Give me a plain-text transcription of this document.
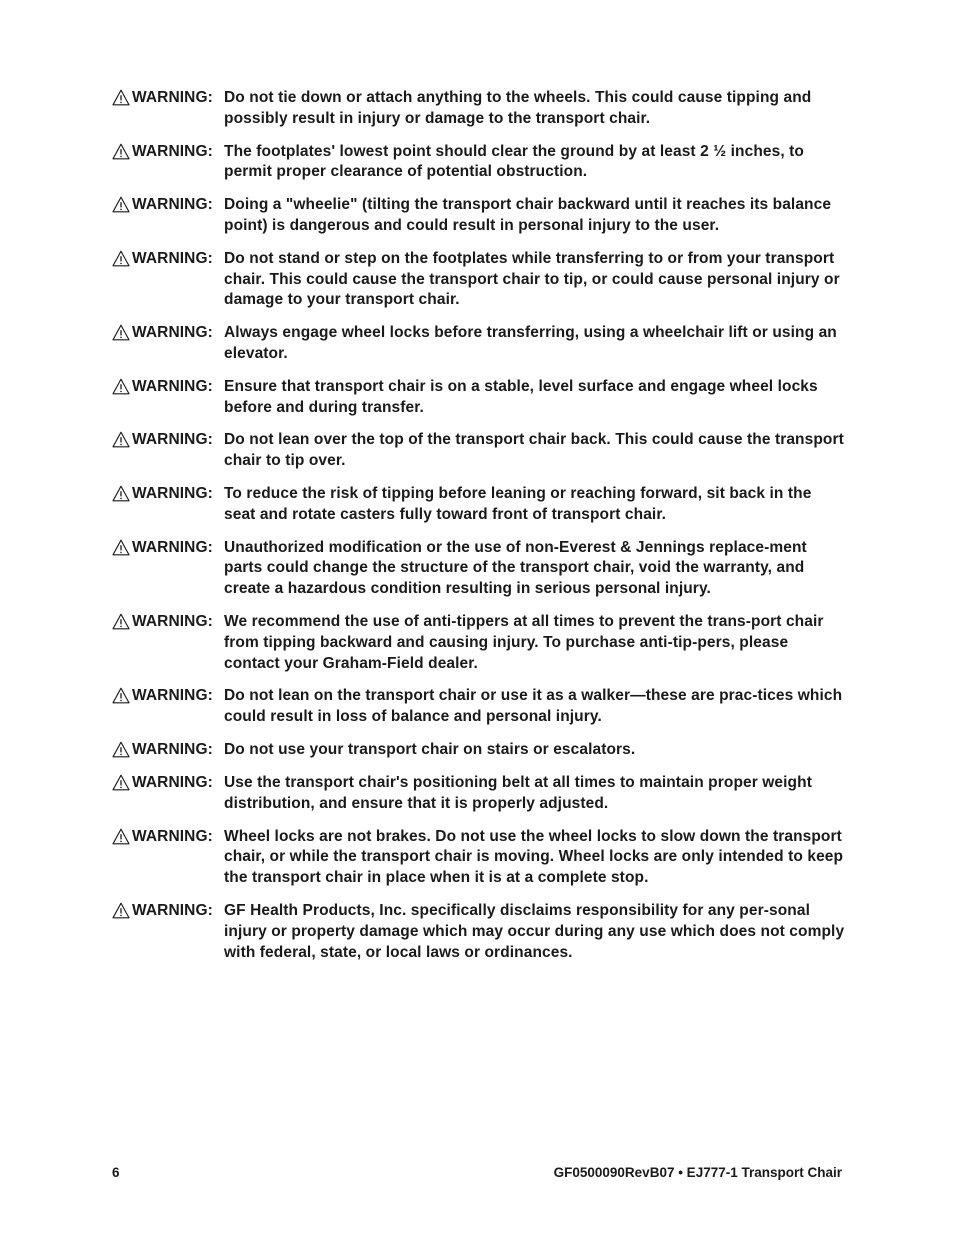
WARNING: Do not tie down or attach anything to the wheels. This could cause tipping and possibly result in injury or damage to the transport chair.
WARNING: The footplates' lowest point should clear the ground by at least 2 ½ inches, to permit proper clearance of potential obstruction.
WARNING: Doing a "wheelie" (tilting the transport chair backward until it reaches its balance point) is dangerous and could result in personal injury to the user.
WARNING: Do not stand or step on the footplates while transferring to or from your transport chair. This could cause the transport chair to tip, or could cause personal injury or damage to your transport chair.
WARNING: Always engage wheel locks before transferring, using a wheelchair lift or using an elevator.
WARNING: Ensure that transport chair is on a stable, level surface and engage wheel locks before and during transfer.
WARNING: Do not lean over the top of the transport chair back. This could cause the transport chair to tip over.
WARNING: To reduce the risk of tipping before leaning or reaching forward, sit back in the seat and rotate casters fully toward front of transport chair.
WARNING: Unauthorized modification or the use of non-Everest & Jennings replace-ment parts could change the structure of the transport chair, void the warranty, and create a hazardous condition resulting in serious personal injury.
WARNING: We recommend the use of anti-tippers at all times to prevent the trans-port chair from tipping backward and causing injury. To purchase anti-tip-pers, please contact your Graham-Field dealer.
WARNING: Do not lean on the transport chair or use it as a walker—these are prac-tices which could result in loss of balance and personal injury.
WARNING: Do not use your transport chair on stairs or escalators.
WARNING: Use the transport chair's positioning belt at all times to maintain proper weight distribution, and ensure that it is properly adjusted.
WARNING: Wheel locks are not brakes. Do not use the wheel locks to slow down the transport chair, or while the transport chair is moving. Wheel locks are only intended to keep the transport chair in place when it is at a complete stop.
WARNING: GF Health Products, Inc. specifically disclaims responsibility for any per-sonal injury or property damage which may occur during any use which does not comply with federal, state, or local laws or ordinances.
6	GF0500090RevB07 • EJ777-1 Transport Chair
